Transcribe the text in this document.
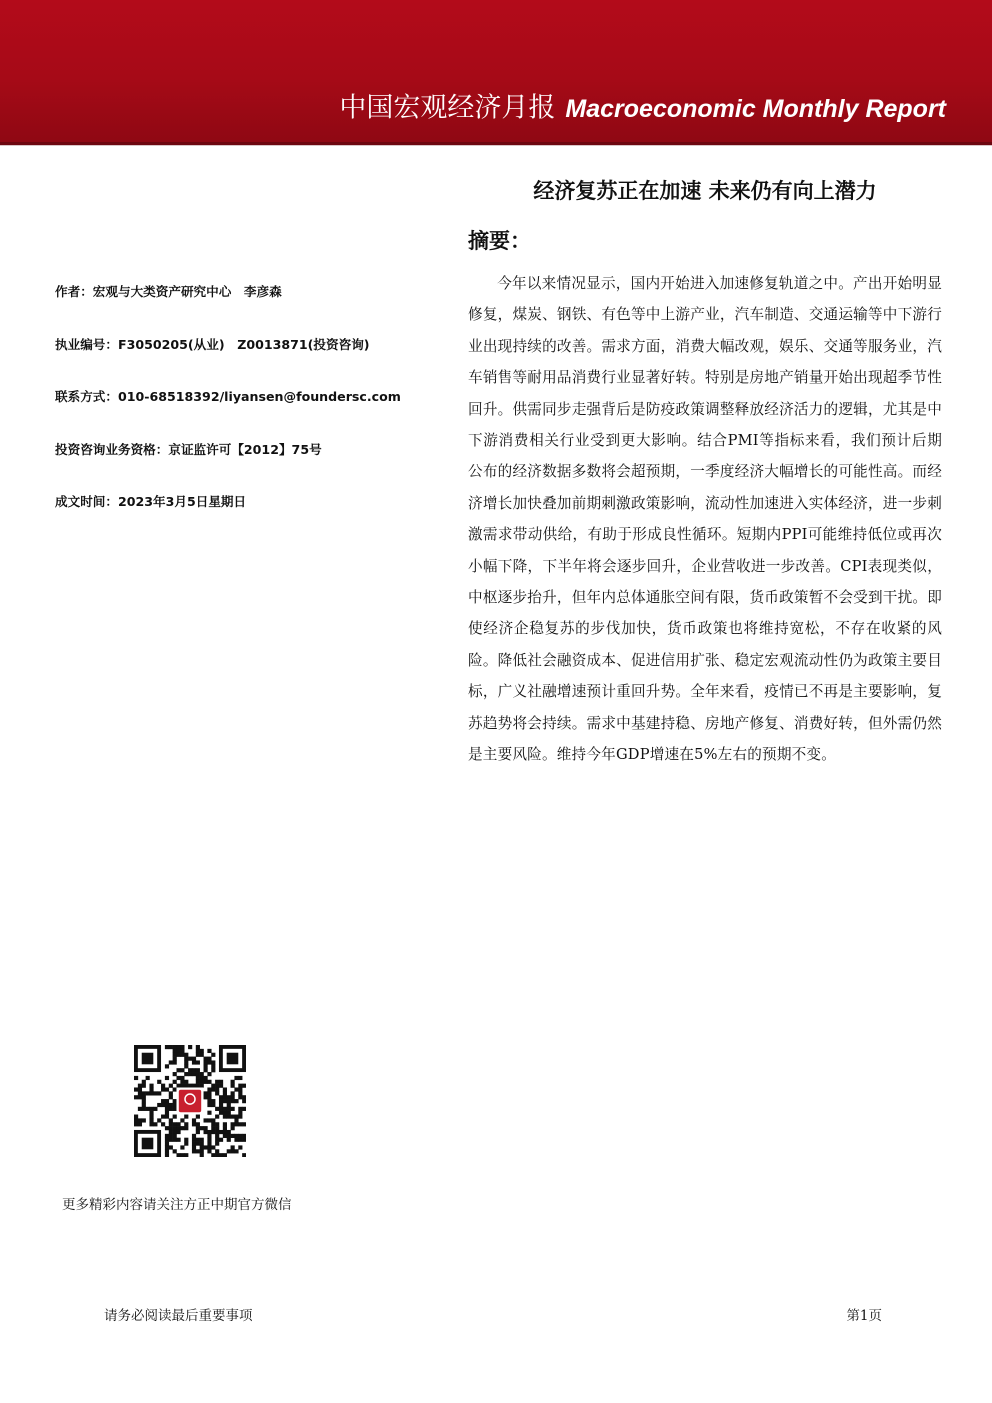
中国宏观经济月报 Macroeconomic Monthly Report
经济复苏正在加速 未来仍有向上潜力
摘要：

今年以来情况显示，国内开始进入加速修复轨道之中。产出开始明显修复，煤炭、钢铁、有色等中上游产业，汽车制造、交通运输等中下游行业出现持续的改善。需求方面，消费大幅改观，娱乐、交通等服务业，汽车销售等耐用品消费行业显著好转。特别是房地产销量开始出现超季节性回升。供需同步走强背后是防疫政策调整释放经济活力的逻辑，尤其是中下游消费相关行业受到更大影响。结合PMI等指标来看，我们预计后期公布的经济数据多数将会超预期，一季度经济大幅增长的可能性高。而经济增长加快叠加前期刺激政策影响，流动性加速进入实体经济，进一步刺激需求带动供给，有助于形成良性循环。短期内PPI可能维持低位或再次小幅下降，下半年将会逐步回升，企业营收进一步改善。CPI表现类似，中枢逐步抬升，但年内总体通胀空间有限，货币政策暂不会受到干扰。即使经济企稳复苏的步伐加快，货币政策也将维持宽松，不存在收紧的风险。降低社会融资成本、促进信用扩张、稳定宏观流动性仍为政策主要目标，广义社融增速预计重回升势。全年来看，疫情已不再是主要影响，复苏趋势将会持续。需求中基建持稳、房地产修复、消费好转，但外需仍然是主要风险。维持今年GDP增速在5%左右的预期不变。

作者：宏观与大类资产研究中心　李彦森
执业编号：F3050205(从业)　Z0013871(投资咨询)
联系方式：010-68518392/liyansen@foundersc.com
投资咨询业务资格：京证监许可【2012】75号
成文时间：2023年3月5日星期日
更多精彩内容请关注方正中期官方微信
请务必阅读最后重要事项	第1页
